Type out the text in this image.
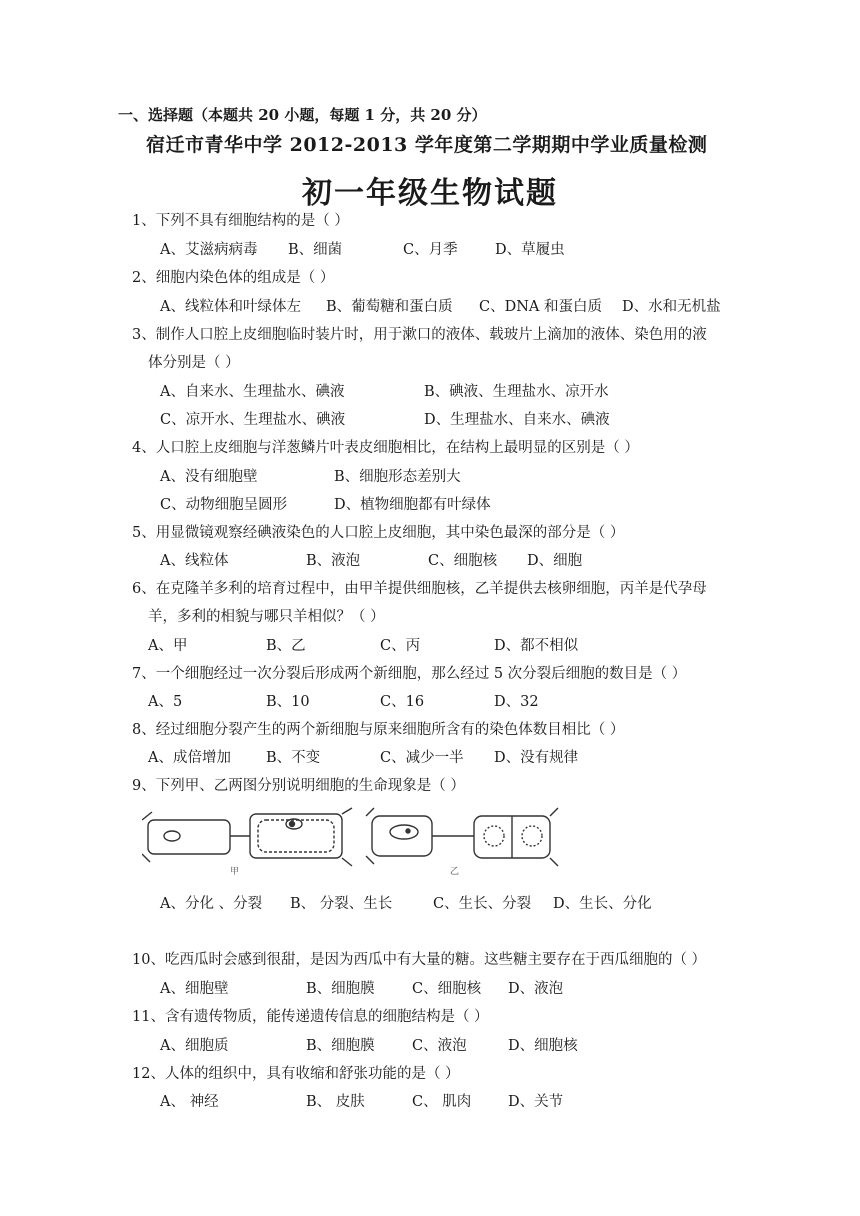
一、选择题（本题共 20 小题，每题 1 分，共 20 分）
宿迁市青华中学 2012-2013 学年度第二学期期中学业质量检测
初一年级生物试题
1、下列不具有细胞结构的是（ ）
A、艾滋病病毒 B、细菌	C、月季	D、草履虫
2、细胞内染色体的组成是（ ）
A、线粒体和叶绿体左 B、葡萄糖和蛋白质 C、DNA 和蛋白质 D、水和无机盐
3、制作人口腔上皮细胞临时装片时，用于漱口的液体、载玻片上滴加的液体、染色用的液
体分别是（ ）
A、自来水、生理盐水、碘液	B、碘液、生理盐水、凉开水
C、凉开水、生理盐水、碘液	D、生理盐水、自来水、碘液
4、人口腔上皮细胞与洋葱鳞片叶表皮细胞相比，在结构上最明显的区别是（ ）
A、没有细胞壁	B、细胞形态差别大
C、动物细胞呈圆形	D、植物细胞都有叶绿体
5、用显微镜观察经碘液染色的人口腔上皮细胞，其中染色最深的部分是（ ）
A、线粒体	B、液泡	C、细胞核 D、细胞
6、在克隆羊多利的培育过程中，由甲羊提供细胞核，乙羊提供去核卵细胞，丙羊是代孕母
羊，多利的相貌与哪只羊相似？（ ）
A、甲	B、乙	C、丙	D、都不相似
7、一个细胞经过一次分裂后形成两个新细胞，那么经过 5 次分裂后细胞的数目是（ ）
A、5	B、10	C、16	D、32
8、经过细胞分裂产生的两个新细胞与原来细胞所含有的染色体数目相比（ ）
A、成倍增加 B、不变	C、减少一半 D、没有规律
9、下列甲、乙两图分别说明细胞的生命现象是（ ）
甲	乙
A、分化 、分裂 B、 分裂、生长	C、生长、分裂 D、生长、分化
10、吃西瓜时会感到很甜，是因为西瓜中有大量的糖。这些糖主要存在于西瓜细胞的（ ）
A、细胞壁	B、细胞膜	C、细胞核 D、液泡
11、含有遗传物质，能传递遗传信息的细胞结构是（ ）
A、细胞质	B、细胞膜	C、液泡	D、细胞核
12、人体的组织中，具有收缩和舒张功能的是（ ）
A、 神经	B、 皮肤	C、 肌肉	D、关节
